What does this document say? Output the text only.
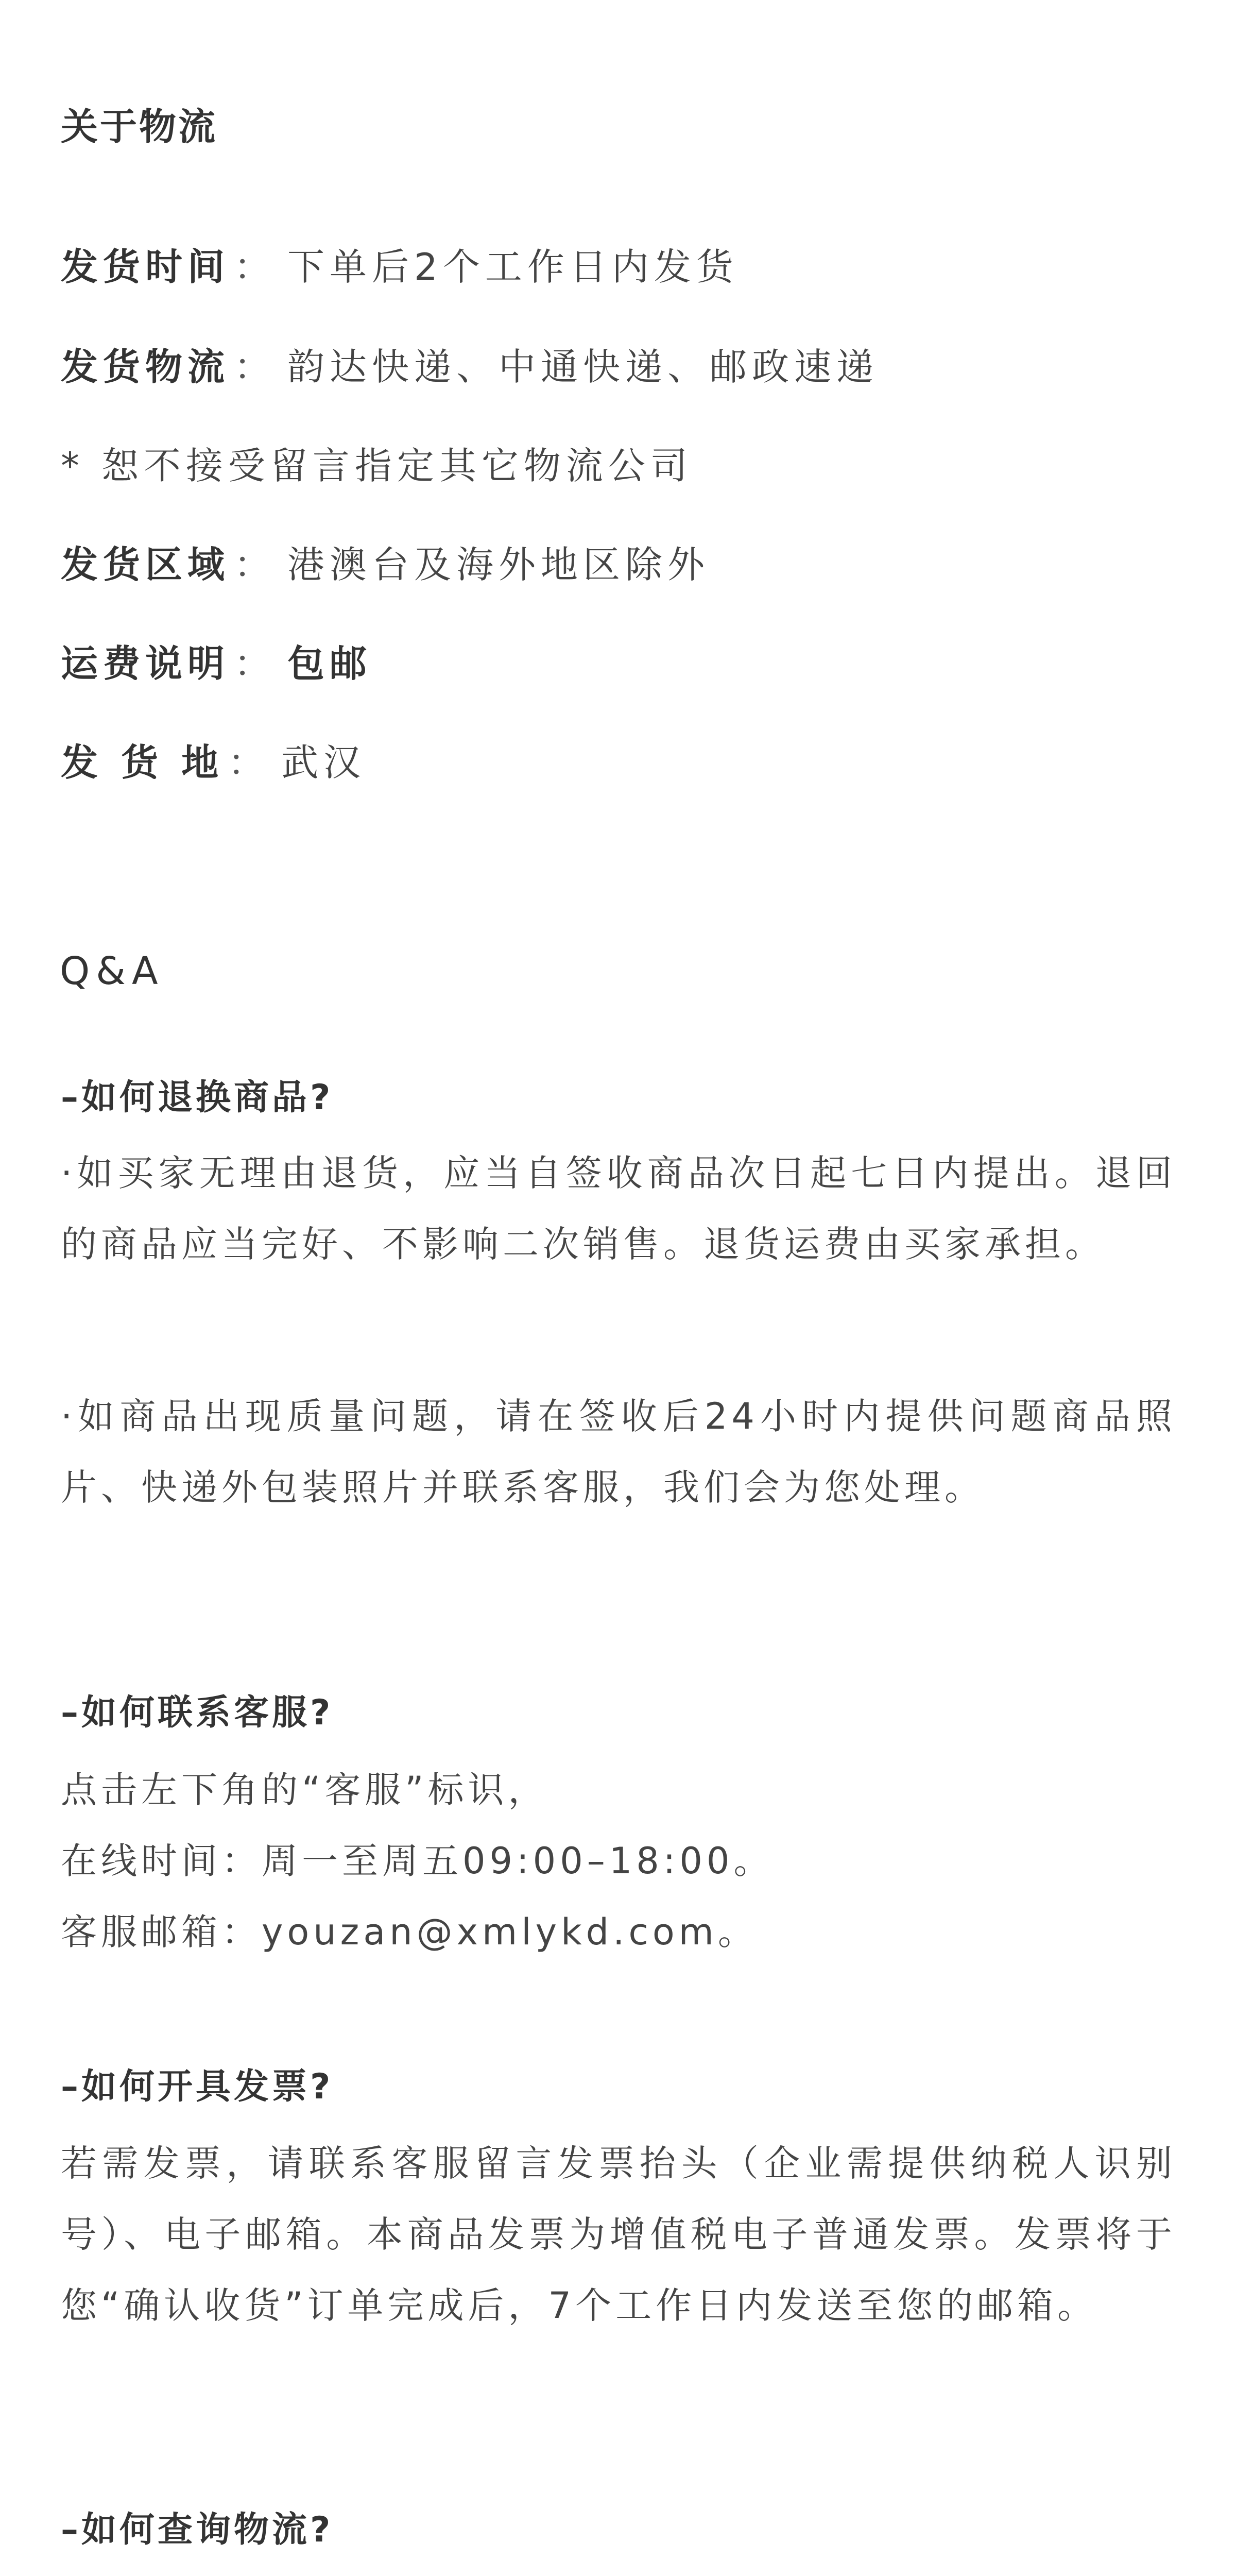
关于物流
发货时间 ： 下单后2个工作日内发货
发货物流 ： 韵达快递、中通快递、邮政速递
* 恕不接受留言指定其它物流公司
发货区域 ： 港澳台及海外地区除外
运费说明 ： 包邮
发 货 地 ： 武汉
Q&A
–如何退换商品?
·如买家无理由退货，应当自签收商品次日起七日内提出。退回的商品应当完好、不影响二次销售。退货运费由买家承担。
·如商品出现质量问题，请在签收后24小时内提供问题商品照片、快递外包装照片并联系客服，我们会为您处理。
–如何联系客服?
点击左下角的“客服”标识，
在线时间：周一至周五09:00–18:00。
客服邮箱：youzan@xmlykd.com。
–如何开具发票?
若需发票，请联系客服留言发票抬头（企业需提供纳税人识别号）、电子邮箱。本商品发票为增值税电子普通发票。发票将于您“确认收货”订单完成后，7个工作日内发送至您的邮箱。
–如何查询物流?
